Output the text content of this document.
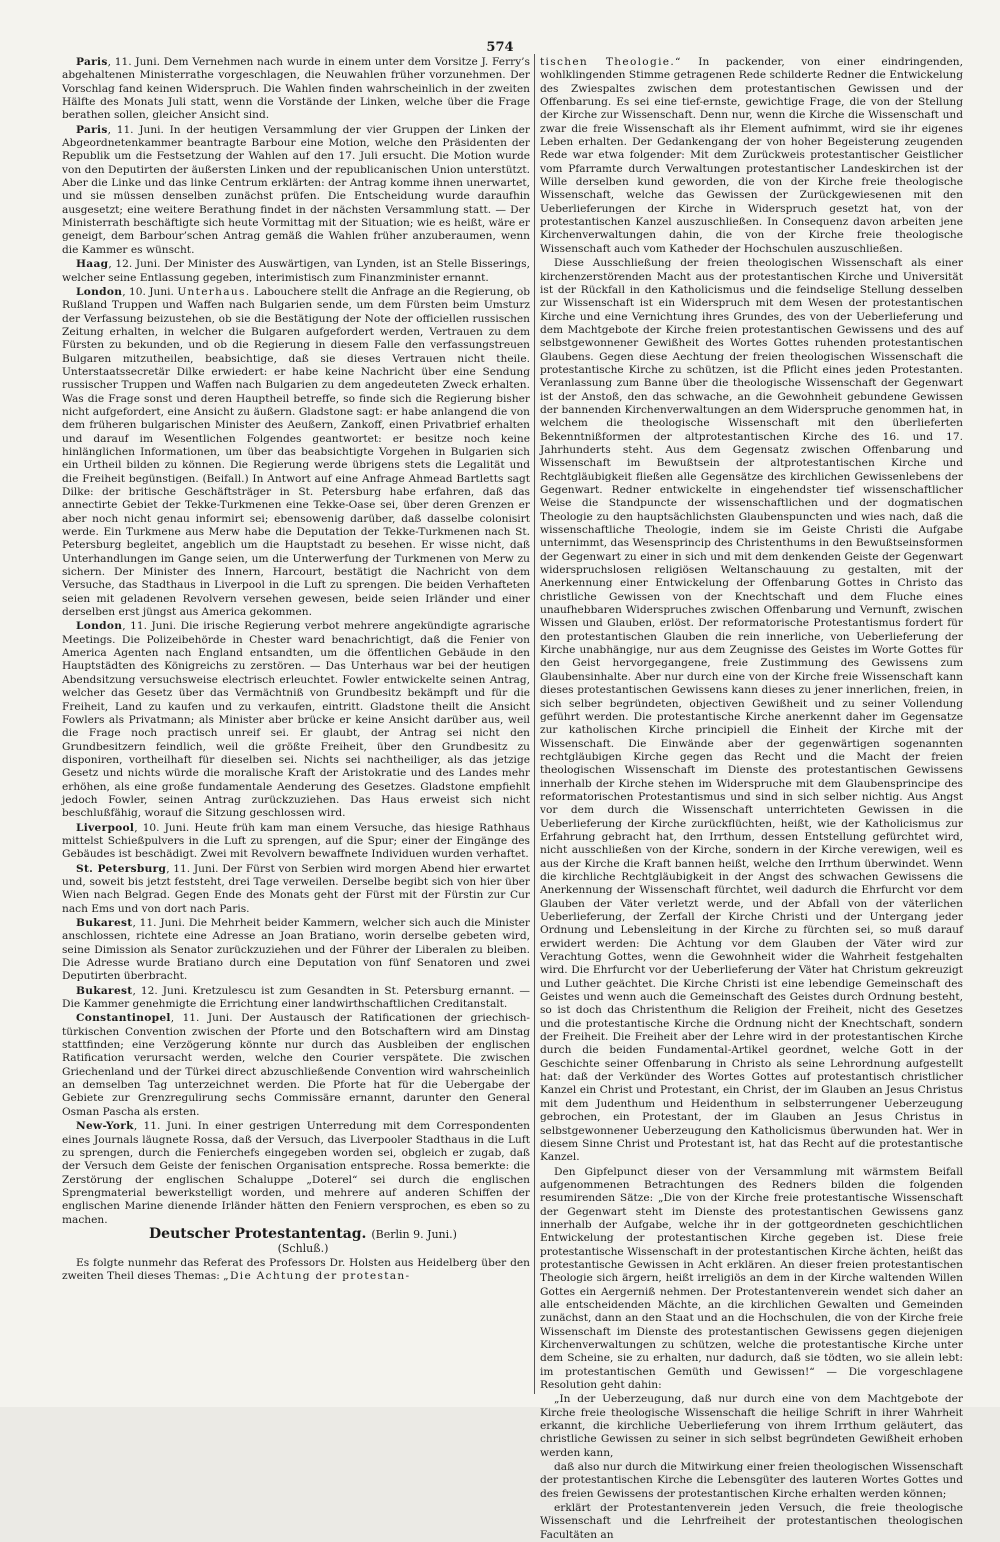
574

Paris, 11. Juni. Dem Vernehmen nach wurde in einem unter dem Vorsitze J. Ferry’s abgehaltenen Ministerrathe vorgeschlagen, die Neuwahlen früher vorzunehmen. Der Vorschlag fand keinen Widerspruch. Die Wahlen finden wahrscheinlich in der zweiten Hälfte des Monats Juli statt, wenn die Vorstände der Linken, welche über die Frage berathen sollen, gleicher Ansicht sind.

Paris, 11. Juni. In der heutigen Versammlung der vier Gruppen der Linken der Abgeordnetenkammer beantragte Barbour eine Motion, welche den Präsidenten der Republik um die Festsetzung der Wahlen auf den 17. Juli ersucht. Die Motion wurde von den Deputirten der äußersten Linken und der republicanischen Union unterstützt. Aber die Linke und das linke Centrum erklärten: der Antrag komme ihnen unerwartet, und sie müssen denselben zunächst prüfen. Die Entscheidung wurde daraufhin ausgesetzt; eine weitere Berathung findet in der nächsten Versammlung statt. — Der Ministerrath beschäftigte sich heute Vormittag mit der Situation; wie es heißt, wäre er geneigt, dem Barbour’schen Antrag gemäß die Wahlen früher anzuberaumen, wenn die Kammer es wünscht.

Haag, 12. Juni. Der Minister des Auswärtigen, van Lynden, ist an Stelle Bisserings, welcher seine Entlassung gegeben, interimistisch zum Finanzminister ernannt.

London, 10. Juni. Unterhaus. Labouchere stellt die Anfrage an die Regierung, ob Rußland Truppen und Waffen nach Bulgarien sende, um dem Fürsten beim Umsturz der Verfassung beizustehen, ob sie die Bestätigung der Note der officiellen russischen Zeitung erhalten, in welcher die Bulgaren aufgefordert werden, Vertrauen zu dem Fürsten zu bekunden, und ob die Regierung in diesem Falle den verfassungstreuen Bulgaren mitzutheilen, beabsichtige, daß sie dieses Vertrauen nicht theile. Unterstaatssecretär Dilke erwiedert: er habe keine Nachricht über eine Sendung russischer Truppen und Waffen nach Bulgarien zu dem angedeuteten Zweck erhalten. Was die Frage sonst und deren Hauptheil betreffe, so finde sich die Regierung bisher nicht aufgefordert, eine Ansicht zu äußern. Gladstone sagt: er habe anlangend die von dem früheren bulgarischen Minister des Aeußern, Zankoff, einen Privatbrief erhalten und darauf im Wesentlichen Folgendes geantwortet: er besitze noch keine hinlänglichen Informationen, um über das beabsichtigte Vorgehen in Bulgarien sich ein Urtheil bilden zu können. Die Regierung werde übrigens stets die Legalität und die Freiheit begünstigen. (Beifall.) In Antwort auf eine Anfrage Ahmead Bartletts sagt Dilke: der britische Geschäftsträger in St. Petersburg habe erfahren, daß das annectirte Gebiet der Tekke-Turkmenen eine Tekke-Oase sei, über deren Grenzen er aber noch nicht genau informirt sei; ebensowenig darüber, daß dasselbe colonisirt werde. Ein Turkmene aus Merw habe die Deputation der Tekke-Turkmenen nach St. Petersburg begleitet, angeblich um die Hauptstadt zu besehen. Er wisse nicht, daß Unterhandlungen im Gange seien, um die Unterwerfung der Turkmenen von Merw zu sichern. Der Minister des Innern, Harcourt, bestätigt die Nachricht von dem Versuche, das Stadthaus in Liverpool in die Luft zu sprengen. Die beiden Verhafteten seien mit geladenen Revolvern versehen gewesen, beide seien Irländer und einer derselben erst jüngst aus America gekommen.

London, 11. Juni. Die irische Regierung verbot mehrere angekündigte agrarische Meetings. Die Polizeibehörde in Chester ward benachrichtigt, daß die Fenier von America Agenten nach England entsandten, um die öffentlichen Gebäude in den Hauptstädten des Königreichs zu zerstören. — Das Unterhaus war bei der heutigen Abendsitzung versuchsweise electrisch erleuchtet. Fowler entwickelte seinen Antrag, welcher das Gesetz über das Vermächtniß von Grundbesitz bekämpft und für die Freiheit, Land zu kaufen und zu verkaufen, eintritt. Gladstone theilt die Ansicht Fowlers als Privatmann; als Minister aber brücke er keine Ansicht darüber aus, weil die Frage noch practisch unreif sei. Er glaubt, der Antrag sei nicht den Grundbesitzern feindlich, weil die größte Freiheit, über den Grundbesitz zu disponiren, vortheilhaft für dieselben sei. Nichts sei nachtheiliger, als das jetzige Gesetz und nichts würde die moralische Kraft der Aristokratie und des Landes mehr erhöhen, als eine große fundamentale Aenderung des Gesetzes. Gladstone empfiehlt jedoch Fowler, seinen Antrag zurückzuziehen. Das Haus erweist sich nicht beschlußfähig, worauf die Sitzung geschlossen wird.

Liverpool, 10. Juni. Heute früh kam man einem Versuche, das hiesige Rathhaus mittelst Schießpulvers in die Luft zu sprengen, auf die Spur; einer der Eingänge des Gebäudes ist beschädigt. Zwei mit Revolvern bewaffnete Individuen wurden verhaftet.

St. Petersburg, 11. Juni. Der Fürst von Serbien wird morgen Abend hier erwartet und, soweit bis jetzt feststeht, drei Tage verweilen. Derselbe begibt sich von hier über Wien nach Belgrad. Gegen Ende des Monats geht der Fürst mit der Fürstin zur Cur nach Ems und von dort nach Paris.

Bukarest, 11. Juni. Die Mehrheit beider Kammern, welcher sich auch die Minister anschlossen, richtete eine Adresse an Joan Bratiano, worin derselbe gebeten wird, seine Dimission als Senator zurückzuziehen und der Führer der Liberalen zu bleiben. Die Adresse wurde Bratiano durch eine Deputation von fünf Senatoren und zwei Deputirten überbracht.

Bukarest, 12. Juni. Kretzulescu ist zum Gesandten in St. Petersburg ernannt. — Die Kammer genehmigte die Errichtung einer landwirthschaftlichen Creditanstalt.

Constantinopel, 11. Juni. Der Austausch der Ratificationen der griechisch-türkischen Convention zwischen der Pforte und den Botschaftern wird am Dinstag stattfinden; eine Verzögerung könnte nur durch das Ausbleiben der englischen Ratification verursacht werden, welche den Courier verspätete. Die zwischen Griechenland und der Türkei direct abzuschließende Convention wird wahrscheinlich an demselben Tag unterzeichnet werden. Die Pforte hat für die Uebergabe der Gebiete zur Grenzregulirung sechs Commissäre ernannt, darunter den General Osman Pascha als ersten.

New-York, 11. Juni. In einer gestrigen Unterredung mit dem Correspondenten eines Journals läugnete Rossa, daß der Versuch, das Liverpooler Stadthaus in die Luft zu sprengen, durch die Fenierchefs eingegeben worden sei, obgleich er zugab, daß der Versuch dem Geiste der fenischen Organisation entspreche. Rossa bemerkte: die Zerstörung der englischen Schaluppe „Doterel“ sei durch die englischen Sprengmaterial bewerkstelligt worden, und mehrere auf anderen Schiffen der englischen Marine dienende Irländer hätten den Feniern versprochen, es eben so zu machen.

Deutscher Protestantentag. (Berlin 9. Juni.)

(Schluß.)

Es folgte nunmehr das Referat des Professors Dr. Holsten aus Heidelberg über den zweiten Theil dieses Themas: „Die Achtung der protestan-

tischen Theologie.“ In packender, von einer eindringenden, wohlklingenden Stimme getragenen Rede schilderte Redner die Entwickelung des Zwiespaltes zwischen dem protestantischen Gewissen und der Offenbarung. Es sei eine tief-ernste, gewichtige Frage, die von der Stellung der Kirche zur Wissenschaft. Denn nur, wenn die Kirche die Wissenschaft und zwar die freie Wissenschaft als ihr Element aufnimmt, wird sie ihr eigenes Leben erhalten. Der Gedankengang der von hoher Begeisterung zeugenden Rede war etwa folgender: Mit dem Zurückweis protestantischer Geistlicher vom Pfarramte durch Verwaltungen protestantischer Landeskirchen ist der Wille derselben kund geworden, die von der Kirche freie theologische Wissenschaft, welche das Gewissen der Zurückgewiesenen mit den Ueberlieferungen der Kirche in Widerspruch gesetzt hat, von der protestantischen Kanzel auszuschließen. In Consequenz davon arbeiten jene Kirchenverwaltungen dahin, die von der Kirche freie theologische Wissenschaft auch vom Katheder der Hochschulen auszuschließen.

Diese Ausschließung der freien theologischen Wissenschaft als einer kirchenzerstörenden Macht aus der protestantischen Kirche und Universität ist der Rückfall in den Katholicismus und die feindselige Stellung desselben zur Wissenschaft ist ein Widerspruch mit dem Wesen der protestantischen Kirche und eine Vernichtung ihres Grundes, des von der Ueberlieferung und dem Machtgebote der Kirche freien protestantischen Gewissens und des auf selbstgewonnener Gewißheit des Wortes Gottes ruhenden protestantischen Glaubens. Gegen diese Aechtung der freien theologischen Wissenschaft die protestantische Kirche zu schützen, ist die Pflicht eines jeden Protestanten. Veranlassung zum Banne über die theologische Wissenschaft der Gegenwart ist der Anstoß, den das schwache, an die Gewohnheit gebundene Gewissen der bannenden Kirchenverwaltungen an dem Widerspruche genommen hat, in welchem die theologische Wissenschaft mit den überlieferten Bekenntnißformen der altprotestantischen Kirche des 16. und 17. Jahrhunderts steht. Aus dem Gegensatz zwischen Offenbarung und Wissenschaft im Bewußtsein der altprotestantischen Kirche und Rechtgläubigkeit fließen alle Gegensätze des kirchlichen Gewissenlebens der Gegenwart. Redner entwickelte in eingehendster tief wissenschaftlicher Weise die Standpuncte der wissenschaftlichen und der dogmatischen Theologie zu den hauptsächlichsten Glaubenspuncten und wies nach, daß die wissenschaftliche Theologie, indem sie im Geiste Christi die Aufgabe unternimmt, das Wesensprincip des Christenthums in den Bewußtseinsformen der Gegenwart zu einer in sich und mit dem denkenden Geiste der Gegenwart widerspruchslosen religiösen Weltanschauung zu gestalten, mit der Anerkennung einer Entwickelung der Offenbarung Gottes in Christo das christliche Gewissen von der Knechtschaft und dem Fluche eines unaufhebbaren Widerspruches zwischen Offenbarung und Vernunft, zwischen Wissen und Glauben, erlöst. Der reformatorische Protestantismus fordert für den protestantischen Glauben die rein innerliche, von Ueberlieferung der Kirche unabhängige, nur aus dem Zeugnisse des Geistes im Worte Gottes für den Geist hervorgegangene, freie Zustimmung des Gewissens zum Glaubensinhalte. Aber nur durch eine von der Kirche freie Wissenschaft kann dieses protestantischen Gewissens kann dieses zu jener innerlichen, freien, in sich selber begründeten, objectiven Gewißheit und zu seiner Vollendung geführt werden. Die protestantische Kirche anerkennt daher im Gegensatze zur katholischen Kirche principiell die Einheit der Kirche mit der Wissenschaft. Die Einwände aber der gegenwärtigen sogenannten rechtgläubigen Kirche gegen das Recht und die Macht der freien theologischen Wissenschaft im Dienste des protestantischen Gewissens innerhalb der Kirche stehen im Widerspruche mit dem Glaubensprincipe des reformatorischen Protestantismus und sind in sich selber nichtig. Aus Angst vor dem durch die Wissenschaft unterrichteten Gewissen in die Ueberlieferung der Kirche zurückflüchten, heißt, wie der Katholicismus zur Erfahrung gebracht hat, den Irrthum, dessen Entstellung gefürchtet wird, nicht ausschließen von der Kirche, sondern in der Kirche verewigen, weil es aus der Kirche die Kraft bannen heißt, welche den Irrthum überwindet. Wenn die kirchliche Rechtgläubigkeit in der Angst des schwachen Gewissens die Anerkennung der Wissenschaft fürchtet, weil dadurch die Ehrfurcht vor dem Glauben der Väter verletzt werde, und der Abfall von der väterlichen Ueberlieferung, der Zerfall der Kirche Christi und der Untergang jeder Ordnung und Lebensleitung in der Kirche zu fürchten sei, so muß darauf erwidert werden: Die Achtung vor dem Glauben der Väter wird zur Verachtung Gottes, wenn die Gewohnheit wider die Wahrheit festgehalten wird. Die Ehrfurcht vor der Ueberlieferung der Väter hat Christum gekreuzigt und Luther geächtet. Die Kirche Christi ist eine lebendige Gemeinschaft des Geistes und wenn auch die Gemeinschaft des Geistes durch Ordnung besteht, so ist doch das Christenthum die Religion der Freiheit, nicht des Gesetzes und die protestantische Kirche die Ordnung nicht der Knechtschaft, sondern der Freiheit. Die Freiheit aber der Lehre wird in der protestantischen Kirche durch die beiden Fundamental-Artikel geordnet, welche Gott in der Geschichte seiner Offenbarung in Christo als seine Lehrordnung aufgestellt hat: daß der Verkünder des Wortes Gottes auf protestantisch christlicher Kanzel ein Christ und Protestant, ein Christ, der im Glauben an Jesus Christus mit dem Judenthum und Heidenthum in selbsterrungener Ueberzeugung gebrochen, ein Protestant, der im Glauben an Jesus Christus in selbstgewonnener Ueberzeugung den Katholicismus überwunden hat. Wer in diesem Sinne Christ und Protestant ist, hat das Recht auf die protestantische Kanzel.

Den Gipfelpunct dieser von der Versammlung mit wärmstem Beifall aufgenommenen Betrachtungen des Redners bilden die folgenden resumirenden Sätze: „Die von der Kirche freie protestantische Wissenschaft der Gegenwart steht im Dienste des protestantischen Gewissens ganz innerhalb der Aufgabe, welche ihr in der gottgeordneten geschichtlichen Entwickelung der protestantischen Kirche gegeben ist. Diese freie protestantische Wissenschaft in der protestantischen Kirche ächten, heißt das protestantische Gewissen in Acht erklären. An dieser freien protestantischen Theologie sich ärgern, heißt irreligiös an dem in der Kirche waltenden Willen Gottes ein Aergerniß nehmen. Der Protestantenverein wendet sich daher an alle entscheidenden Mächte, an die kirchlichen Gewalten und Gemeinden zunächst, dann an den Staat und an die Hochschulen, die von der Kirche freie Wissenschaft im Dienste des protestantischen Gewissens gegen diejenigen Kirchenverwaltungen zu schützen, welche die protestantische Kirche unter dem Scheine, sie zu erhalten, nur dadurch, daß sie tödten, wo sie allein lebt: im protestantischen Gemüth und Gewissen!“ — Die vorgeschlagene Resolution geht dahin:

„In der Ueberzeugung, daß nur durch eine von dem Machtgebote der Kirche freie theologische Wissenschaft die heilige Schrift in ihrer Wahrheit erkannt, die kirchliche Ueberlieferung von ihrem Irrthum geläutert, das christliche Gewissen zu seiner in sich selbst begründeten Gewißheit erhoben werden kann,

daß also nur durch die Mitwirkung einer freien theologischen Wissenschaft der protestantischen Kirche die Lebensgüter des lauteren Wortes Gottes und des freien Gewissens der protestantischen Kirche erhalten werden können;

erklärt der Protestantenverein jeden Versuch, die freie theologische Wissenschaft und die Lehrfreiheit der protestantischen theologischen Facultäten an
